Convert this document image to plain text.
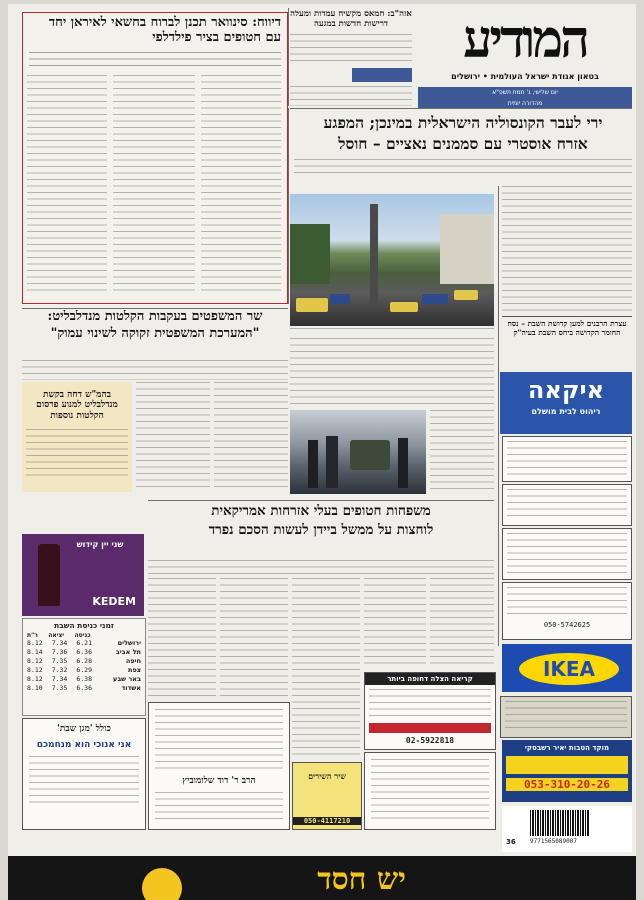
המודיע
בטאון אגודת ישראל העולמית • ירושלים
יום שלישי, ג' תמוז תשפ"א
מהדורה יומית
אזה"ב: חמאס מקשיח עמדות ומעלה דרישות חדשות במגעה
דיווח: סינוואר תכנן לברוח בחשאי לאיראן יחד עם חטופים בציר פילדלפי
ירי לעבר הקונסוליה הישראלית במינכן; המפגע
אזרח אוסטרי עם סממנים נאציים – חוסל
עצרת הרבנים למען קדושת השבת – נסח החומר הקדושה ביחס השבת בעיה"ק
שר המשפטים בעקבות הקלטות מנדלבליט:
"המערכת המשפטית זקוקה לשינוי עמוק"
בהמ"ש דחה בקשת מנדלבליט למנוע פרסום הקלטות נוספות
איקאה
ריהוט לבית מושלם
050-5742625
משפחות חטופים בעלי אזרחות אמריקאית
לוחצות על ממשל ביידן לעשות הסכם נפרד
שני יין קידוש
KEDEM
זמני כניסת השבת
כניסה
יציאה
ר"ת
ירושלים
6.21
7.34
8.12
תל אביב
6.36
7.36
8.14
חיפה
6.28
7.35
8.12
צפת
6.29
7.32
8.12
באר שבע
6.38
7.34
8.12
אשדוד
6.36
7.35
8.10
כולל 'מגן שבת'
אני אנוכי הוא מנחמכם
הרב ר' דוד שלומוביץ	שיר השירים
050-4117210
קריאה הצלה דחופה ביותר
02-5922818
IKEA
מוקד הטבות יאיר רשבסקי
053-310-20-26
9771565089007
36
יש חסד
